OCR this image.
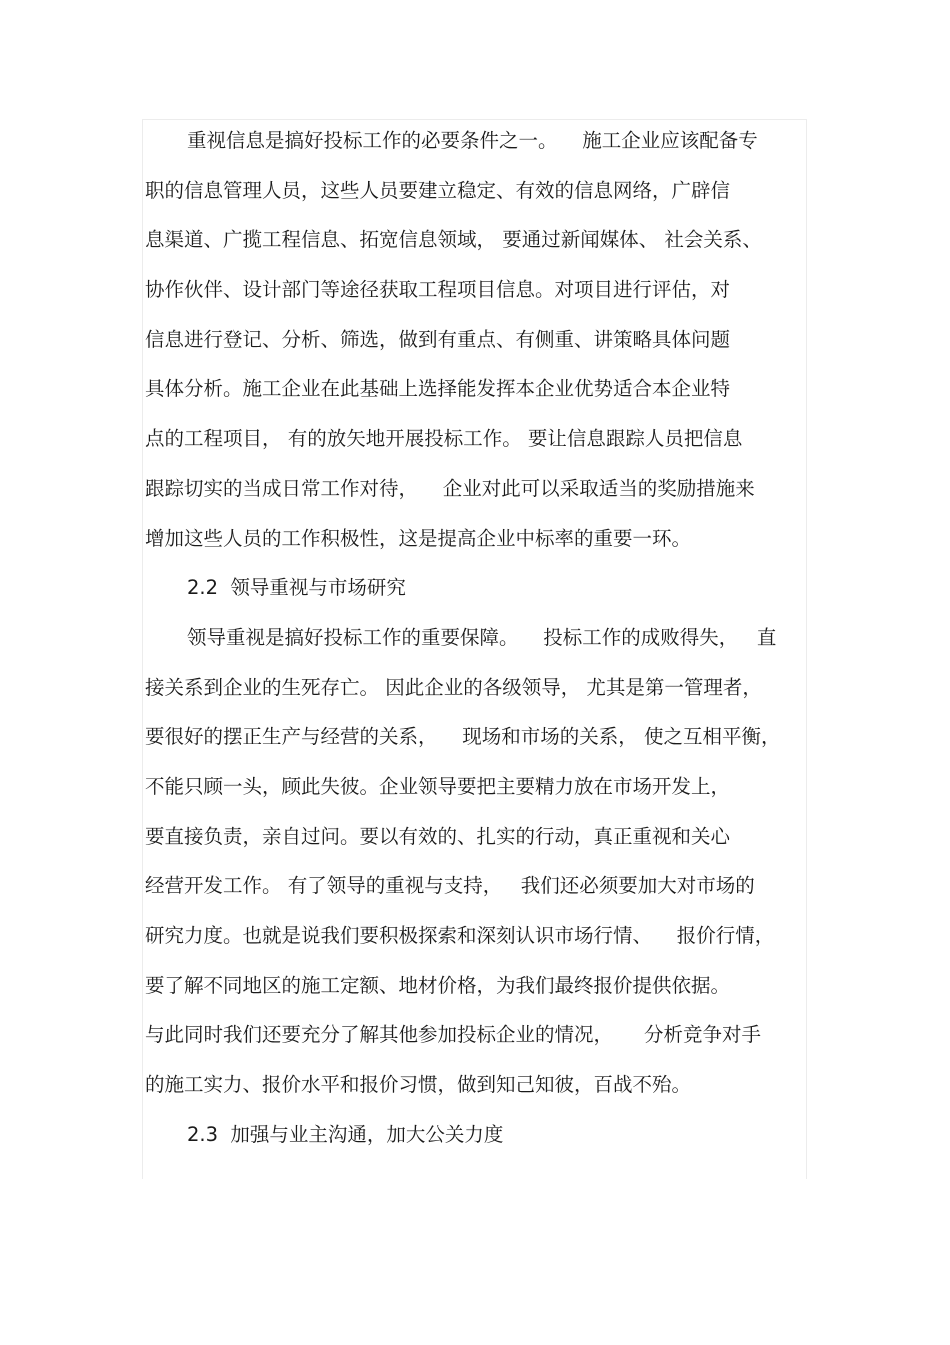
重视信息是搞好投标工作的必要条件之一。    施工企业应该配备专
职的信息管理人员，这些人员要建立稳定、有效的信息网络，广辟信
息渠道、广揽工程信息、拓宽信息领域， 要通过新闻媒体、 社会关系、
协作伙伴、设计部门等途径获取工程项目信息。对项目进行评估，对
信息进行登记、分析、筛选，做到有重点、有侧重、讲策略具体问题
具体分析。施工企业在此基础上选择能发挥本企业优势适合本企业特
点的工程项目， 有的放矢地开展投标工作。 要让信息跟踪人员把信息
跟踪切实的当成日常工作对待，    企业对此可以采取适当的奖励措施来
增加这些人员的工作积极性，这是提高企业中标率的重要一环。
2.2  领导重视与市场研究
领导重视是搞好投标工作的重要保障。    投标工作的成败得失，   直
接关系到企业的生死存亡。 因此企业的各级领导， 尤其是第一管理者，
要很好的摆正生产与经营的关系，    现场和市场的关系， 使之互相平衡，
不能只顾一头，顾此失彼。企业领导要把主要精力放在市场开发上，
要直接负责，亲自过问。要以有效的、扎实的行动，真正重视和关心
经营开发工作。 有了领导的重视与支持，   我们还必须要加大对市场的
研究力度。也就是说我们要积极探索和深刻认识市场行情、    报价行情，
要了解不同地区的施工定额、地材价格，为我们最终报价提供依据。
与此同时我们还要充分了解其他参加投标企业的情况，     分析竞争对手
的施工实力、报价水平和报价习惯，做到知己知彼，百战不殆。
2.3  加强与业主沟通，加大公关力度
